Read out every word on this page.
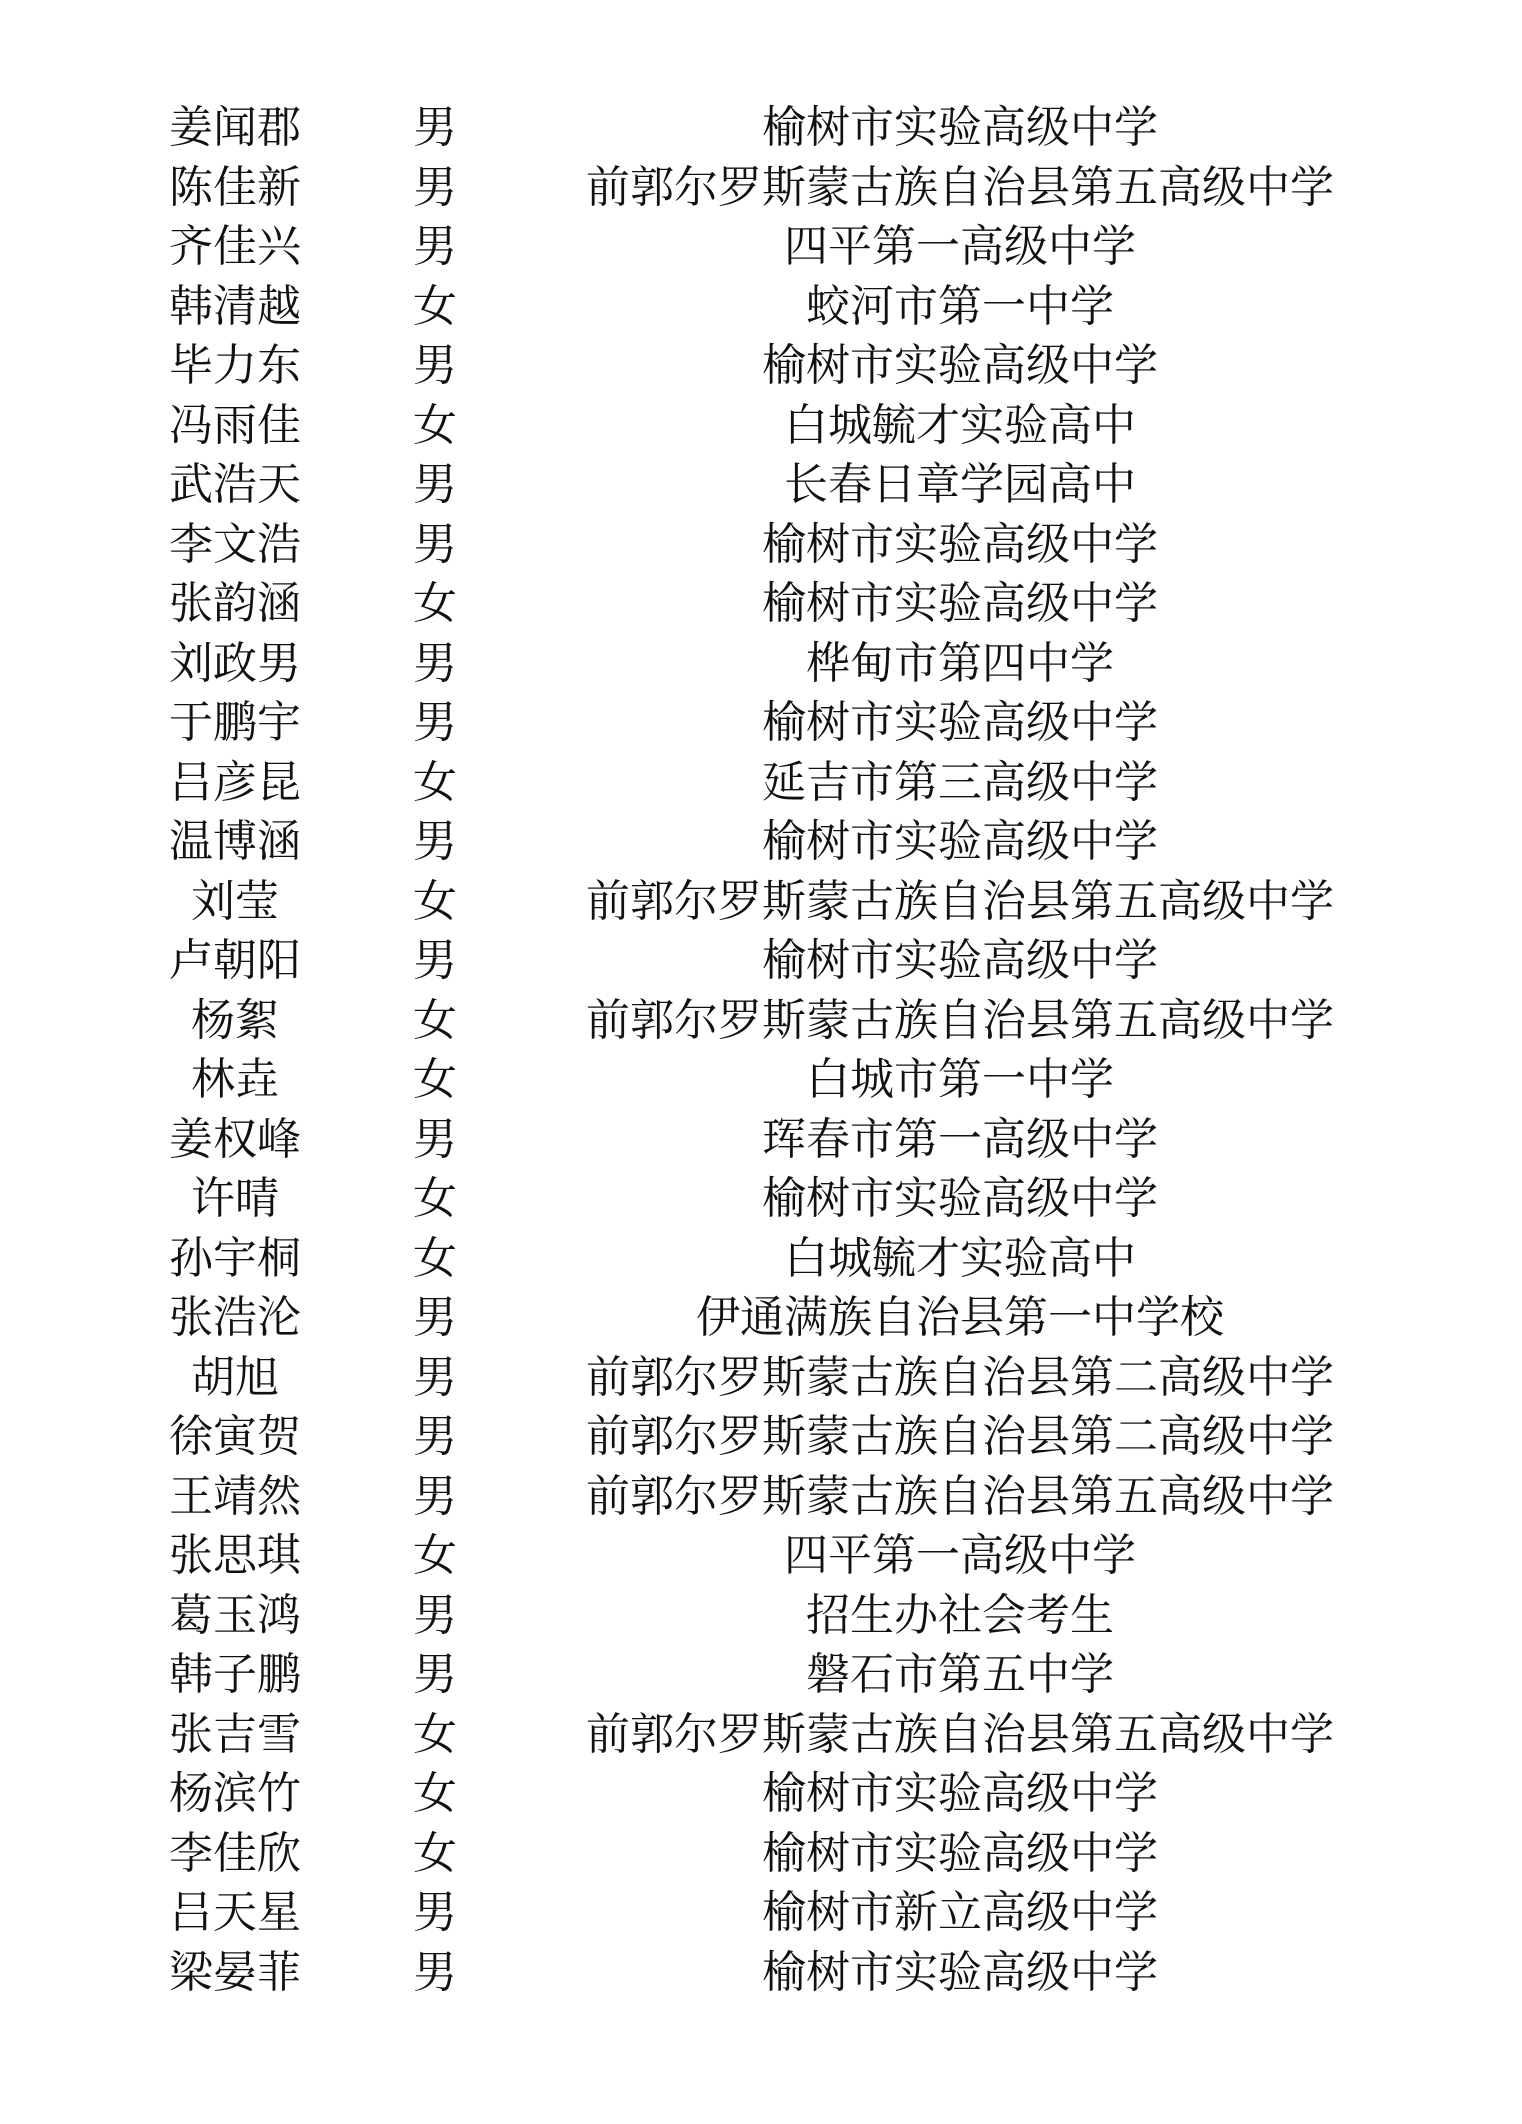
姜闻郡	男	榆树市实验高级中学
陈佳新	男	前郭尔罗斯蒙古族自治县第五高级中学
齐佳兴	男	四平第一高级中学
韩清越	女	蛟河市第一中学
毕力东	男	榆树市实验高级中学
冯雨佳	女	白城毓才实验高中
武浩天	男	长春日章学园高中
李文浩	男	榆树市实验高级中学
张韵涵	女	榆树市实验高级中学
刘政男	男	桦甸市第四中学
于鹏宇	男	榆树市实验高级中学
吕彦昆	女	延吉市第三高级中学
温博涵	男	榆树市实验高级中学
刘莹	女	前郭尔罗斯蒙古族自治县第五高级中学
卢朝阳	男	榆树市实验高级中学
杨絮	女	前郭尔罗斯蒙古族自治县第五高级中学
林垚	女	白城市第一中学
姜权峰	男	珲春市第一高级中学
许晴	女	榆树市实验高级中学
孙宇桐	女	白城毓才实验高中
张浩沦	男	伊通满族自治县第一中学校
胡旭	男	前郭尔罗斯蒙古族自治县第二高级中学
徐寅贺	男	前郭尔罗斯蒙古族自治县第二高级中学
王靖然	男	前郭尔罗斯蒙古族自治县第五高级中学
张思琪	女	四平第一高级中学
葛玉鸿	男	招生办社会考生
韩子鹏	男	磐石市第五中学
张吉雪	女	前郭尔罗斯蒙古族自治县第五高级中学
杨滨竹	女	榆树市实验高级中学
李佳欣	女	榆树市实验高级中学
吕天星	男	榆树市新立高级中学
梁晏菲	男	榆树市实验高级中学
